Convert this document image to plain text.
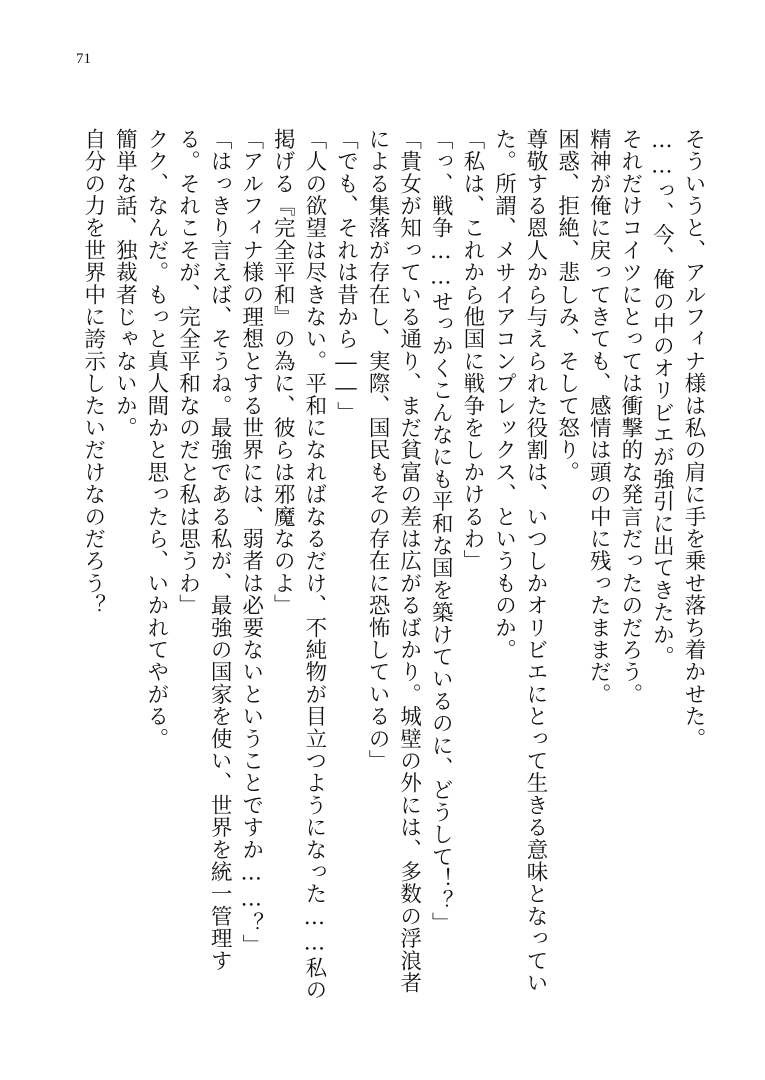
71

そういうと、アルフィナ様は私の肩に手を乗せ落ち着かせた。

……っ、今、俺の中のオリビエが強引に出てきたか。

それだけコイツにとっては衝撃的な発言だったのだろう。

精神が俺に戻ってきても、感情は頭の中に残ったままだ。

困惑、拒絶、悲しみ、そして怒り。

尊敬する恩人から与えられた役割は、いつしかオリビエにとって生きる意味となっていた。所謂、メサイアコンプレックス、というものか。

「私は、これから他国に戦争をしかけるわ」

「っ、戦争……せっかくこんなにも平和な国を築けているのに、どうして！？」

「貴女が知っている通り、まだ貧富の差は広がるばかり。城壁の外には、多数の浮浪者による集落が存在し、実際、国民もその存在に恐怖しているの」

「でも、それは昔から――」

「人の欲望は尽きない。平和になればなるだけ、不純物が目立つようになった……私の掲げる『完全平和』の為に、彼らは邪魔なのよ」

「アルフィナ様の理想とする世界には、弱者は必要ないということですか……？」

「はっきり言えば、そうね。最強である私が、最強の国家を使い、世界を統一管理する。それこそが、完全平和なのだと私は思うわ」

クク、なんだ。もっと真人間かと思ったら、いかれてやがる。

簡単な話、独裁者じゃないか。

自分の力を世界中に誇示したいだけなのだろう？
